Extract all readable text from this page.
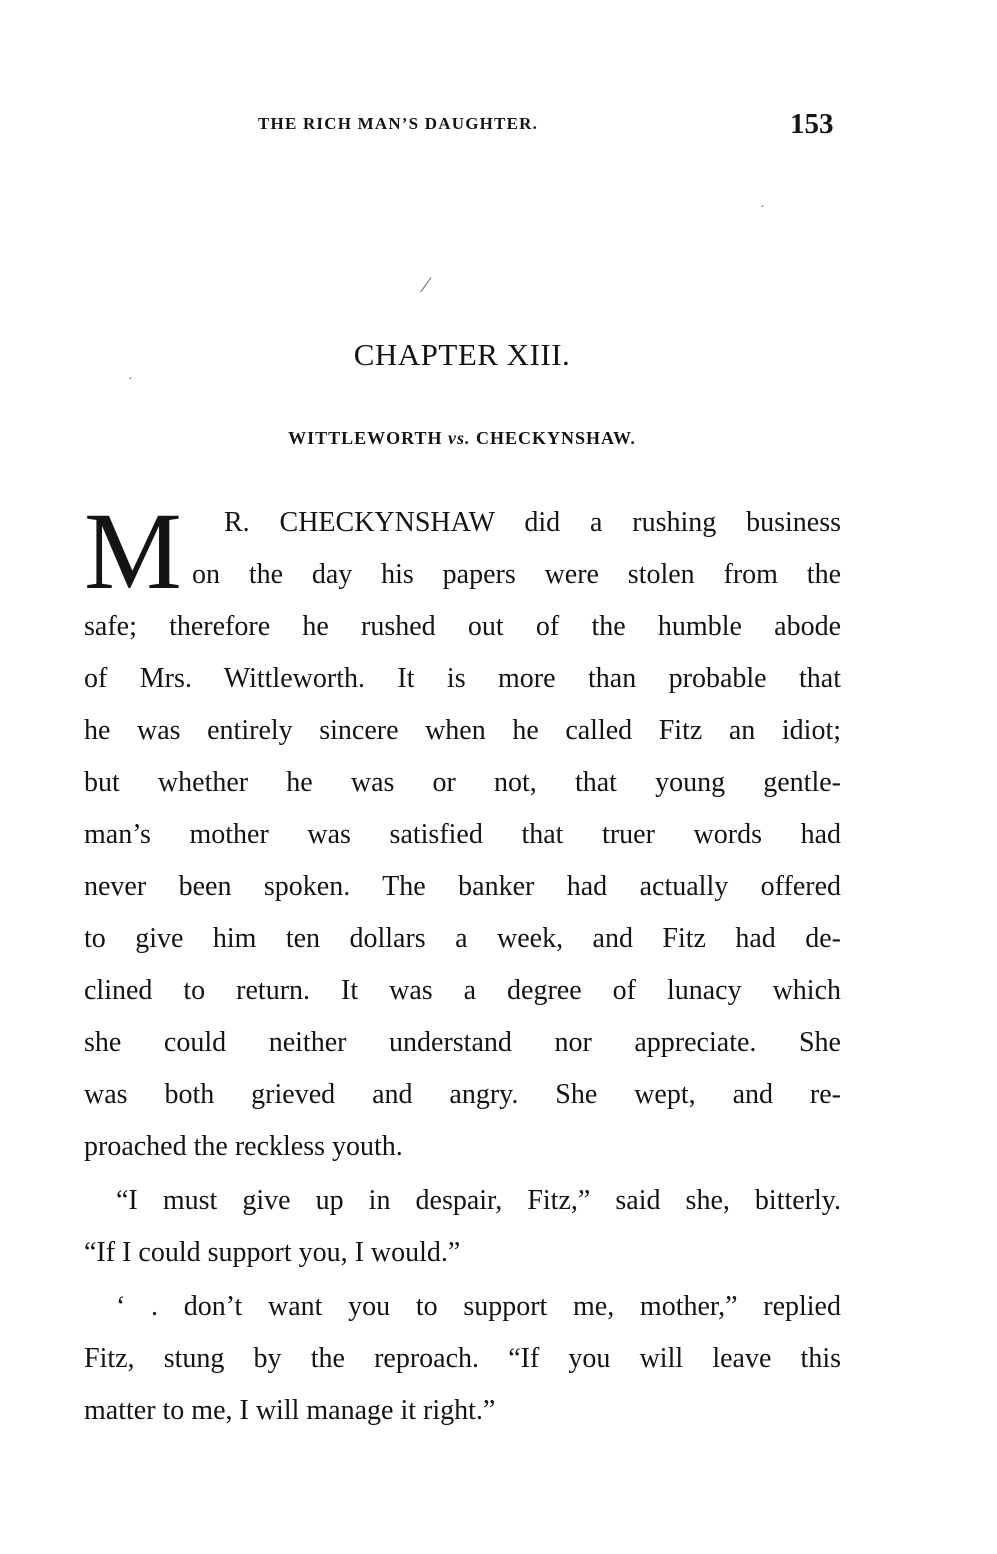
THE RICH MAN’S DAUGHTER.	153
⁄
·
·
CHAPTER XIII.
WITTLEWORTH vs. CHECKYNSHAW.
M R. CHECKYNSHAW did a rushing business
on the day his papers were stolen from the
safe; therefore he rushed out of the humble abode
of Mrs. Wittleworth. It is more than probable that
he was entirely sincere when he called Fitz an idiot;
but whether he was or not, that young gentle-
man’s mother was satisfied that truer words had
never been spoken. The banker had actually offered
to give him ten dollars a week, and Fitz had de-
clined to return. It was a degree of lunacy which
she could neither understand nor appreciate. She
was both grieved and angry. She wept, and re-
proached the reckless youth.
“I must give up in despair, Fitz,” said she, bitterly.
“If I could support you, I would.”
‘ . don’t want you to support me, mother,” replied
Fitz, stung by the reproach. “If you will leave this
matter to me, I will manage it right.”
